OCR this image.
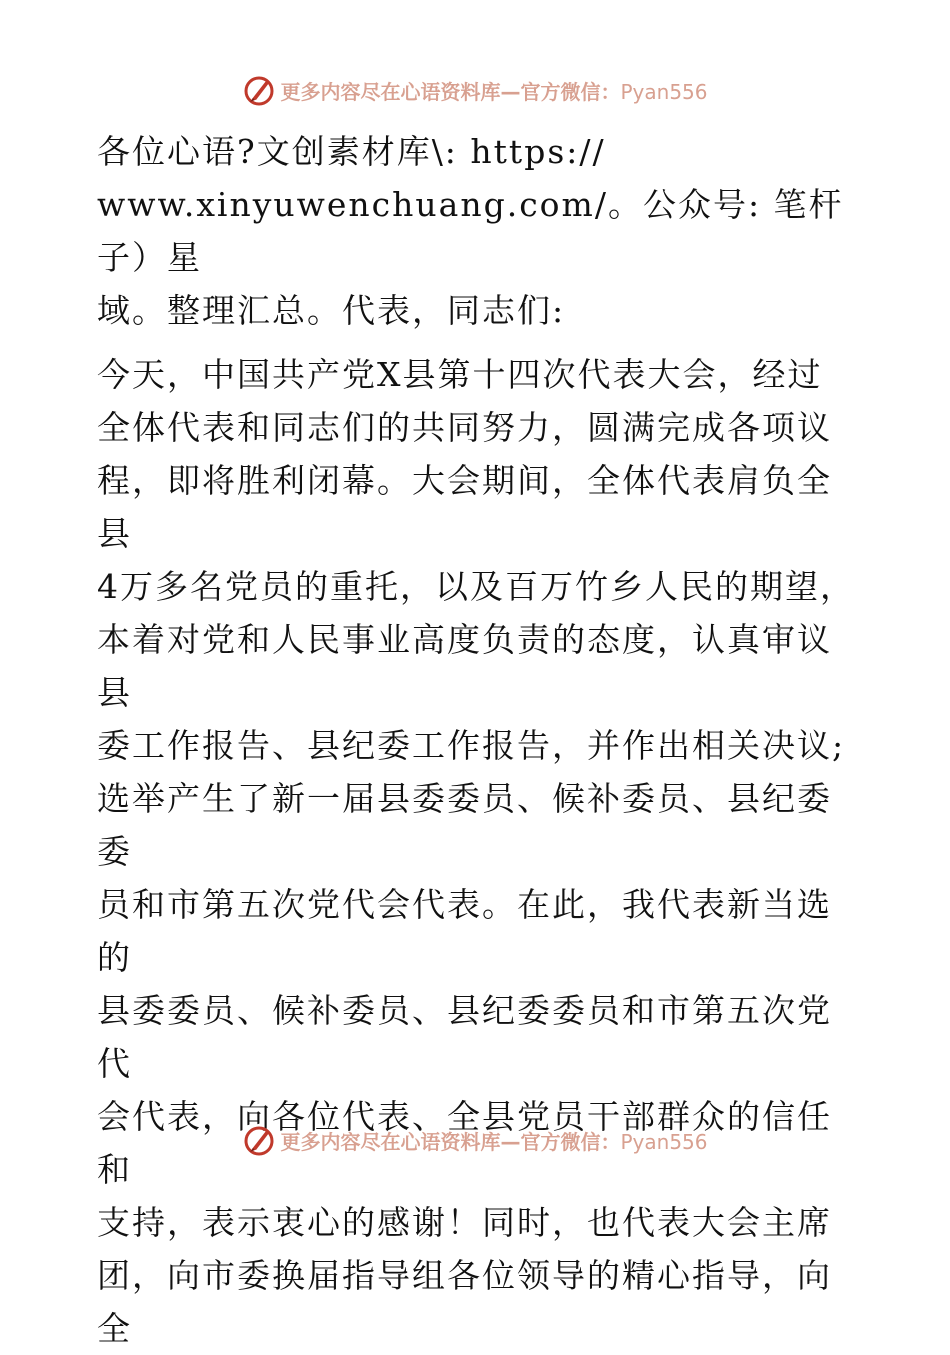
更多内容尽在心语资料库—官方微信：Pyan556

各位心语?文创素材库\: https://
www.xinyuwenchuang.com/。公众号: 笔杆子）星
域。整理汇总。代表，同志们:

今天，中国共产党X县第十四次代表大会，经过
全体代表和同志们的共同努力，圆满完成各项议
程，即将胜利闭幕。大会期间，全体代表肩负全县
4万多名党员的重托，以及百万竹乡人民的期望，
本着对党和人民事业高度负责的态度，认真审议县
委工作报告、县纪委工作报告，并作出相关决议;
选举产生了新一届县委委员、候补委员、县纪委委
员和市第五次党代会代表。在此，我代表新当选的
县委委员、候补委员、县纪委委员和市第五次党代
会代表，向各位代表、全县党员干部群众的信任和
支持，表示衷心的感谢！同时，也代表大会主席
团，向市委换届指导组各位领导的精心指导，向全

更多内容尽在心语资料库—官方微信：Pyan556
